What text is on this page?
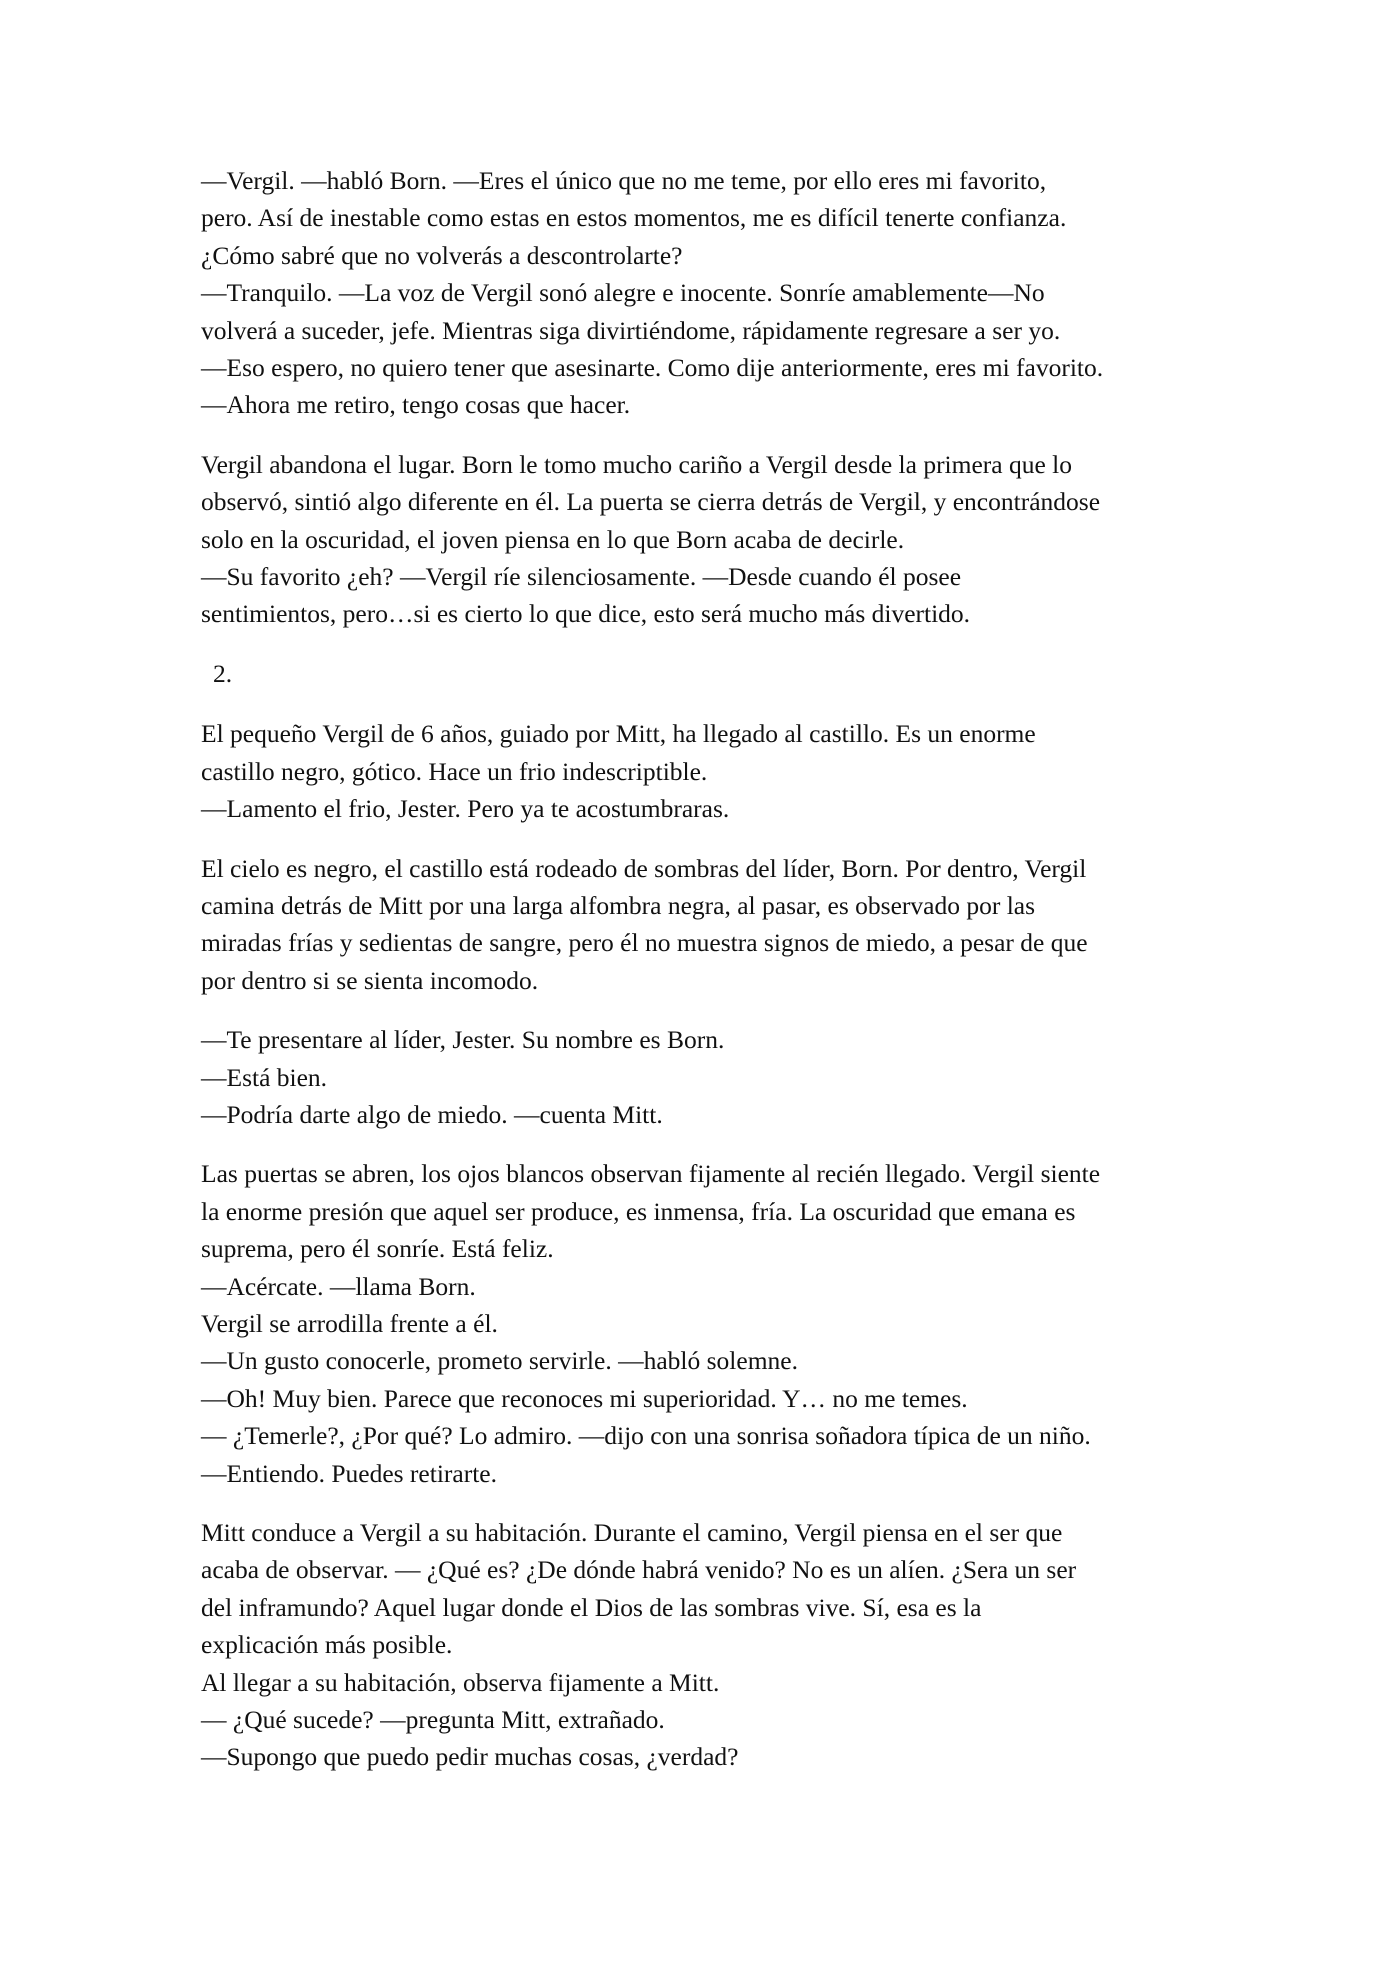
—Vergil. —habló Born. —Eres el único que no me teme, por ello eres mi favorito,
pero. Así de inestable como estas en estos momentos, me es difícil tenerte confianza.
¿Cómo sabré que no volverás a descontrolarte?
—Tranquilo. —La voz de Vergil sonó alegre e inocente. Sonríe amablemente—No
volverá a suceder, jefe. Mientras siga divirtiéndome, rápidamente regresare a ser yo.
—Eso espero, no quiero tener que asesinarte. Como dije anteriormente, eres mi favorito.
—Ahora me retiro, tengo cosas que hacer.
Vergil abandona el lugar. Born le tomo mucho cariño a Vergil desde la primera que lo
observó, sintió algo diferente en él. La puerta se cierra detrás de Vergil, y encontrándose
solo en la oscuridad, el joven piensa en lo que Born acaba de decirle.
—Su favorito ¿eh? —Vergil ríe silenciosamente. —Desde cuando él posee
sentimientos, pero…si es cierto lo que dice, esto será mucho más divertido.
2.
El pequeño Vergil de 6 años, guiado por Mitt, ha llegado al castillo. Es un enorme
castillo negro, gótico. Hace un frio indescriptible.
—Lamento el frio, Jester. Pero ya te acostumbraras.
El cielo es negro, el castillo está rodeado de sombras del líder, Born. Por dentro, Vergil
camina detrás de Mitt por una larga alfombra negra, al pasar, es observado por las
miradas frías y sedientas de sangre, pero él no muestra signos de miedo, a pesar de que
por dentro si se sienta incomodo.
—Te presentare al líder, Jester. Su nombre es Born.
—Está bien.
—Podría darte algo de miedo. —cuenta Mitt.
Las puertas se abren, los ojos blancos observan fijamente al recién llegado. Vergil siente
la enorme presión que aquel ser produce, es inmensa, fría. La oscuridad que emana es
suprema, pero él sonríe. Está feliz.
—Acércate. —llama Born.
Vergil se arrodilla frente a él.
—Un gusto conocerle, prometo servirle. —habló solemne.
—Oh! Muy bien. Parece que reconoces mi superioridad. Y… no me temes.
— ¿Temerle?, ¿Por qué? Lo admiro. —dijo con una sonrisa soñadora típica de un niño.
—Entiendo. Puedes retirarte.
Mitt conduce a Vergil a su habitación. Durante el camino, Vergil piensa en el ser que
acaba de observar. — ¿Qué es? ¿De dónde habrá venido? No es un alíen. ¿Sera un ser
del inframundo? Aquel lugar donde el Dios de las sombras vive. Sí, esa es la
explicación más posible.
Al llegar a su habitación, observa fijamente a Mitt.
— ¿Qué sucede? —pregunta Mitt, extrañado.
—Supongo que puedo pedir muchas cosas, ¿verdad?
